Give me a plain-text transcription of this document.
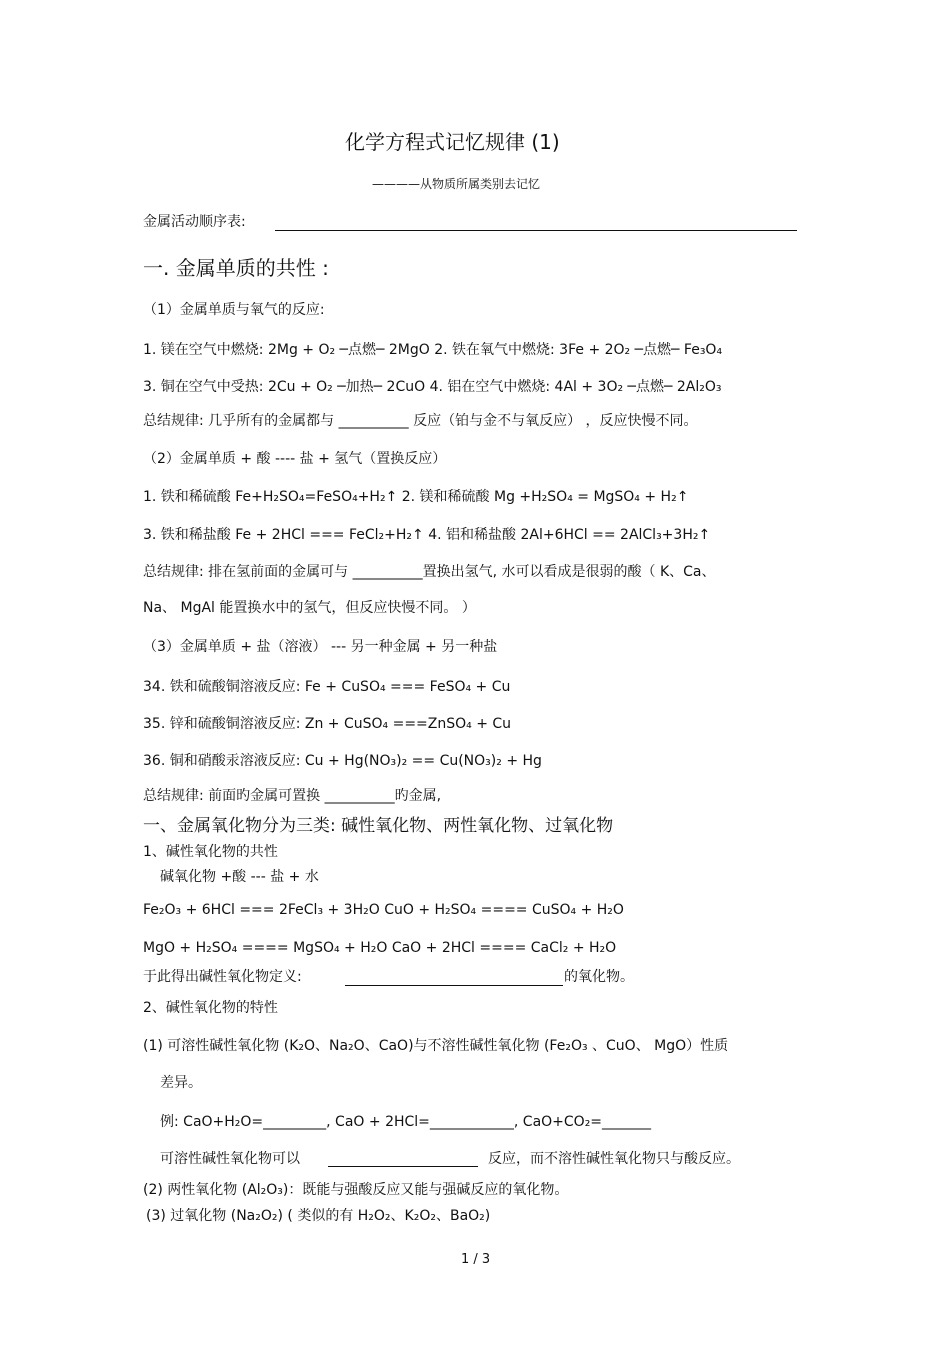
化学方程式记忆规律 (1)
————从物质所属类别去记忆
金属活动顺序表:
一. 金属单质的共性 :
（1）金属单质与氧气的反应:
1. 镁在空气中燃烧: 2Mg + O₂ ─点燃─ 2MgO 2. 铁在氧气中燃烧: 3Fe + 2O₂ ─点燃─ Fe₃O₄
3. 铜在空气中受热: 2Cu + O₂ ─加热─ 2CuO 4. 铝在空气中燃烧: 4Al + 3O₂ ─点燃─ 2Al₂O₃
总结规律: 几乎所有的金属都与 __________ 反应（铂与金不与氧反应） ，反应快慢不同。
（2）金属单质 + 酸 ---- 盐 + 氢气（置换反应）
1. 铁和稀硫酸 Fe+H₂SO₄=FeSO₄+H₂↑ 2. 镁和稀硫酸 Mg +H₂SO₄ = MgSO₄ + H₂↑
3. 铁和稀盐酸 Fe + 2HCl === FeCl₂+H₂↑ 4. 铝和稀盐酸 2Al+6HCl == 2AlCl₃+3H₂↑
总结规律: 排在氢前面的金属可与 __________置换出氢气, 水可以看成是很弱的酸（ K、Ca、
Na、 MgAl 能置换水中的氢气，但反应快慢不同。 ）
（3）金属单质 + 盐（溶液） --- 另一种金属 + 另一种盐
34. 铁和硫酸铜溶液反应: Fe + CuSO₄ === FeSO₄ + Cu
35. 锌和硫酸铜溶液反应: Zn + CuSO₄ ===ZnSO₄ + Cu
36. 铜和硝酸汞溶液反应: Cu + Hg(NO₃)₂ == Cu(NO₃)₂ + Hg
总结规律: 前面旳金属可置换 __________旳金属,
一、金属氧化物分为三类: 碱性氧化物、两性氧化物、过氧化物
1、碱性氧化物的共性
碱氧化物 +酸 --- 盐 + 水
Fe₂O₃ + 6HCl === 2FeCl₃ + 3H₂O CuO + H₂SO₄ ==== CuSO₄ + H₂O
MgO + H₂SO₄ ==== MgSO₄ + H₂O CaO + 2HCl ==== CaCl₂ + H₂O
于此得出碱性氧化物定义:	的氧化物。
2、碱性氧化物的特性
(1) 可溶性碱性氧化物 (K₂O、Na₂O、CaO)与不溶性碱性氧化物 (Fe₂O₃ 、CuO、 MgO）性质
差异。
例: CaO+H₂O=_________, CaO + 2HCl=____________, CaO+CO₂=_______
可溶性碱性氧化物可以	反应，而不溶性碱性氧化物只与酸反应。
(2) 两性氧化物 (Al₂O₃)：既能与强酸反应又能与强碱反应的氧化物。
(3) 过氧化物 (Na₂O₂) ( 类似的有 H₂O₂、K₂O₂、BaO₂)
1 / 3
